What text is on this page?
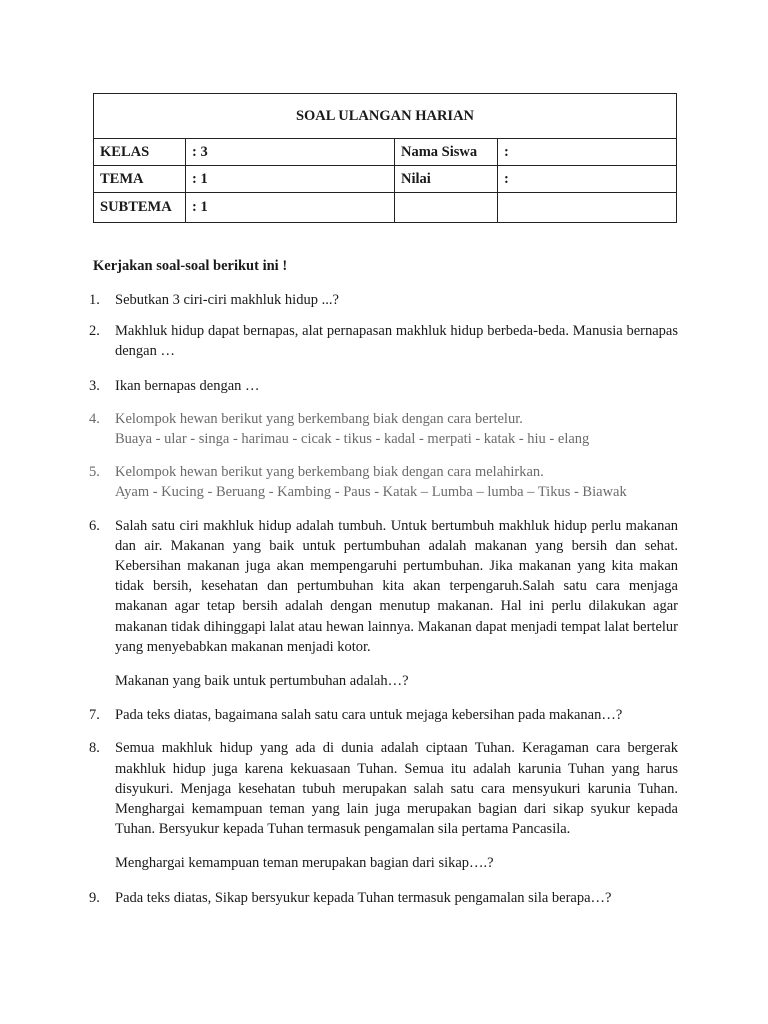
SOAL ULANGAN HARIAN			
KELAS	: 3	Nama Siswa	:
TEMA	: 1	Nilai	:
SUBTEMA	: 1		
Kerjakan soal-soal berikut ini !
1. Sebutkan 3 ciri-ciri makhluk hidup ...?
2. Makhluk hidup dapat bernapas, alat pernapasan makhluk hidup berbeda-beda. Manusia bernapas dengan …
3. Ikan bernapas dengan …
4. Kelompok hewan berikut yang berkembang biak dengan cara bertelur.
Buaya - ular - singa - harimau - cicak - tikus - kadal - merpati - katak - hiu - elang
5. Kelompok hewan berikut yang berkembang biak dengan cara melahirkan.
Ayam - Kucing - Beruang - Kambing - Paus - Katak – Lumba – lumba – Tikus - Biawak
6. Salah satu ciri makhluk hidup adalah tumbuh. Untuk bertumbuh makhluk hidup perlu makanan dan air. Makanan yang baik untuk pertumbuhan adalah makanan yang bersih dan sehat. Kebersihan makanan juga akan mempengaruhi pertumbuhan. Jika makanan yang kita makan tidak bersih, kesehatan dan pertumbuhan kita akan terpengaruh.Salah satu cara menjaga makanan agar tetap bersih adalah dengan menutup makanan. Hal ini perlu dilakukan agar makanan tidak dihinggapi lalat atau hewan lainnya. Makanan dapat menjadi tempat lalat bertelur yang menyebabkan makanan menjadi kotor.
Makanan yang baik untuk pertumbuhan adalah…?
7. Pada teks diatas, bagaimana salah satu cara untuk mejaga kebersihan pada makanan…?
8. Semua makhluk hidup yang ada di dunia adalah ciptaan Tuhan. Keragaman cara bergerak makhluk hidup juga karena kekuasaan Tuhan. Semua itu adalah karunia Tuhan yang harus disyukuri. Menjaga kesehatan tubuh merupakan salah satu cara mensyukuri karunia Tuhan. Menghargai kemampuan teman yang lain juga merupakan bagian dari sikap syukur kepada Tuhan. Bersyukur kepada Tuhan termasuk pengamalan sila pertama Pancasila.
Menghargai kemampuan teman merupakan bagian dari sikap….?
9. Pada teks diatas, Sikap bersyukur kepada Tuhan termasuk pengamalan sila berapa…?
